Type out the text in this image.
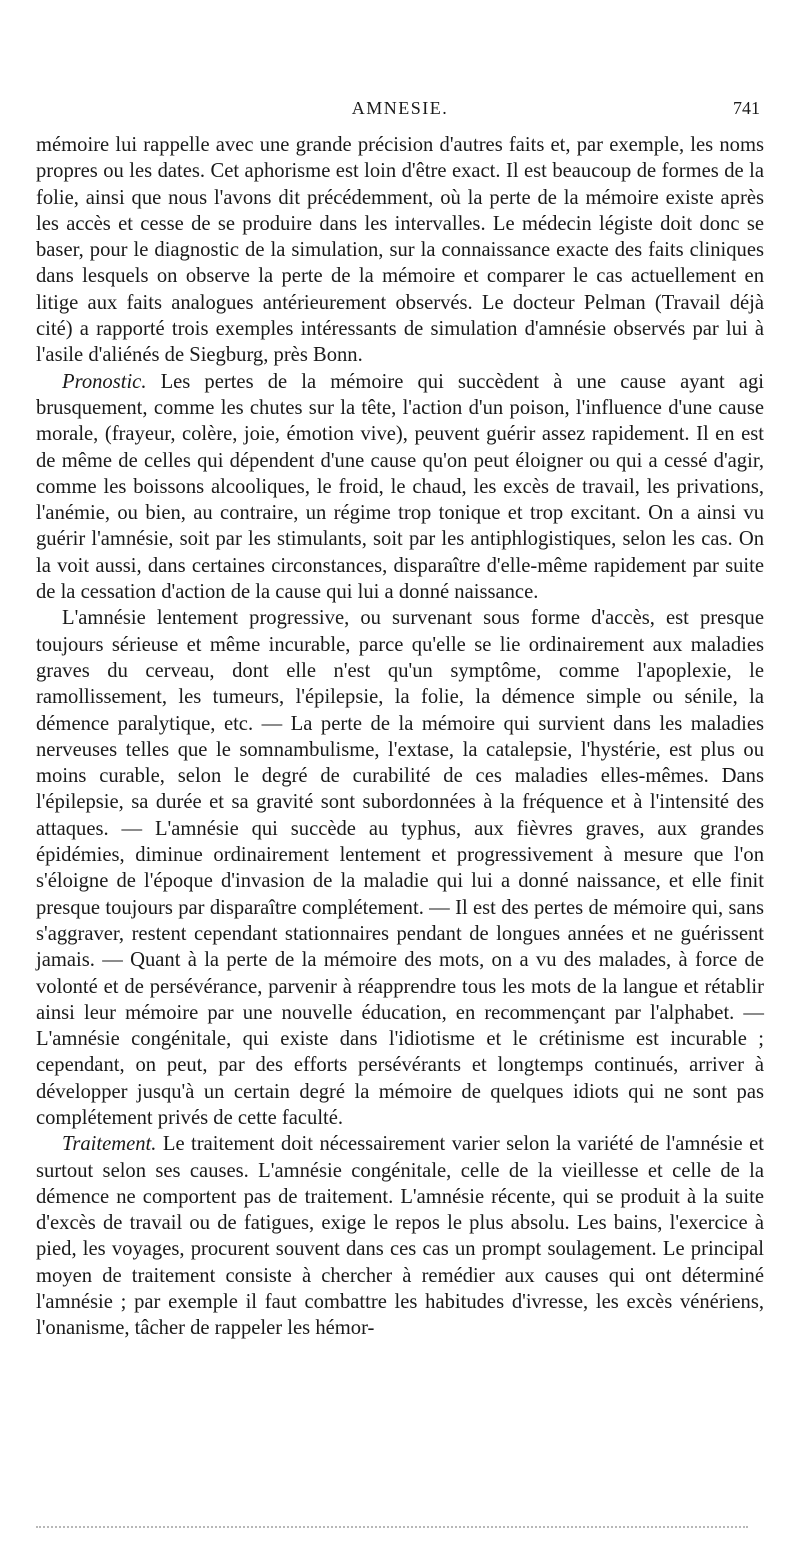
AMNESIE.	741

mémoire lui rappelle avec une grande précision d'autres faits et, par exemple, les noms propres ou les dates. Cet aphorisme est loin d'être exact. Il est beaucoup de formes de la folie, ainsi que nous l'avons dit précédemment, où la perte de la mémoire existe après les accès et cesse de se produire dans les intervalles. Le médecin légiste doit donc se baser, pour le diagnostic de la simulation, sur la connaissance exacte des faits cliniques dans lesquels on observe la perte de la mémoire et comparer le cas actuellement en litige aux faits analogues antérieurement observés. Le docteur Pelman (Travail déjà cité) a rapporté trois exemples intéressants de simulation d'amnésie observés par lui à l'asile d'aliénés de Siegburg, près Bonn.

Pronostic. Les pertes de la mémoire qui succèdent à une cause ayant agi brusquement, comme les chutes sur la tête, l'action d'un poison, l'influence d'une cause morale, (frayeur, colère, joie, émotion vive), peuvent guérir assez rapidement. Il en est de même de celles qui dépendent d'une cause qu'on peut éloigner ou qui a cessé d'agir, comme les boissons alcooliques, le froid, le chaud, les excès de travail, les privations, l'anémie, ou bien, au contraire, un régime trop tonique et trop excitant. On a ainsi vu guérir l'amnésie, soit par les stimulants, soit par les antiphlogistiques, selon les cas. On la voit aussi, dans certaines circonstances, disparaître d'elle-même rapidement par suite de la cessation d'action de la cause qui lui a donné naissance.

L'amnésie lentement progressive, ou survenant sous forme d'accès, est presque toujours sérieuse et même incurable, parce qu'elle se lie ordinairement aux maladies graves du cerveau, dont elle n'est qu'un symptôme, comme l'apoplexie, le ramollissement, les tumeurs, l'épilepsie, la folie, la démence simple ou sénile, la démence paralytique, etc. — La perte de la mémoire qui survient dans les maladies nerveuses telles que le somnambulisme, l'extase, la catalepsie, l'hystérie, est plus ou moins curable, selon le degré de curabilité de ces maladies elles-mêmes. Dans l'épilepsie, sa durée et sa gravité sont subordonnées à la fréquence et à l'intensité des attaques. — L'amnésie qui succède au typhus, aux fièvres graves, aux grandes épidémies, diminue ordinairement lentement et progressivement à mesure que l'on s'éloigne de l'époque d'invasion de la maladie qui lui a donné naissance, et elle finit presque toujours par disparaître complétement. — Il est des pertes de mémoire qui, sans s'aggraver, restent cependant stationnaires pendant de longues années et ne guérissent jamais. — Quant à la perte de la mémoire des mots, on a vu des malades, à force de volonté et de persévérance, parvenir à réapprendre tous les mots de la langue et rétablir ainsi leur mémoire par une nouvelle éducation, en recommençant par l'alphabet. — L'amnésie congénitale, qui existe dans l'idiotisme et le crétinisme est incurable ; cependant, on peut, par des efforts persévérants et longtemps continués, arriver à développer jusqu'à un certain degré la mémoire de quelques idiots qui ne sont pas complétement privés de cette faculté.

Traitement. Le traitement doit nécessairement varier selon la variété de l'amnésie et surtout selon ses causes. L'amnésie congénitale, celle de la vieillesse et celle de la démence ne comportent pas de traitement. L'amnésie récente, qui se produit à la suite d'excès de travail ou de fatigues, exige le repos le plus absolu. Les bains, l'exercice à pied, les voyages, procurent souvent dans ces cas un prompt soulagement. Le principal moyen de traitement consiste à chercher à remédier aux causes qui ont déterminé l'amnésie ; par exemple il faut combattre les habitudes d'ivresse, les excès vénériens, l'onanisme, tâcher de rappeler les hémor-
